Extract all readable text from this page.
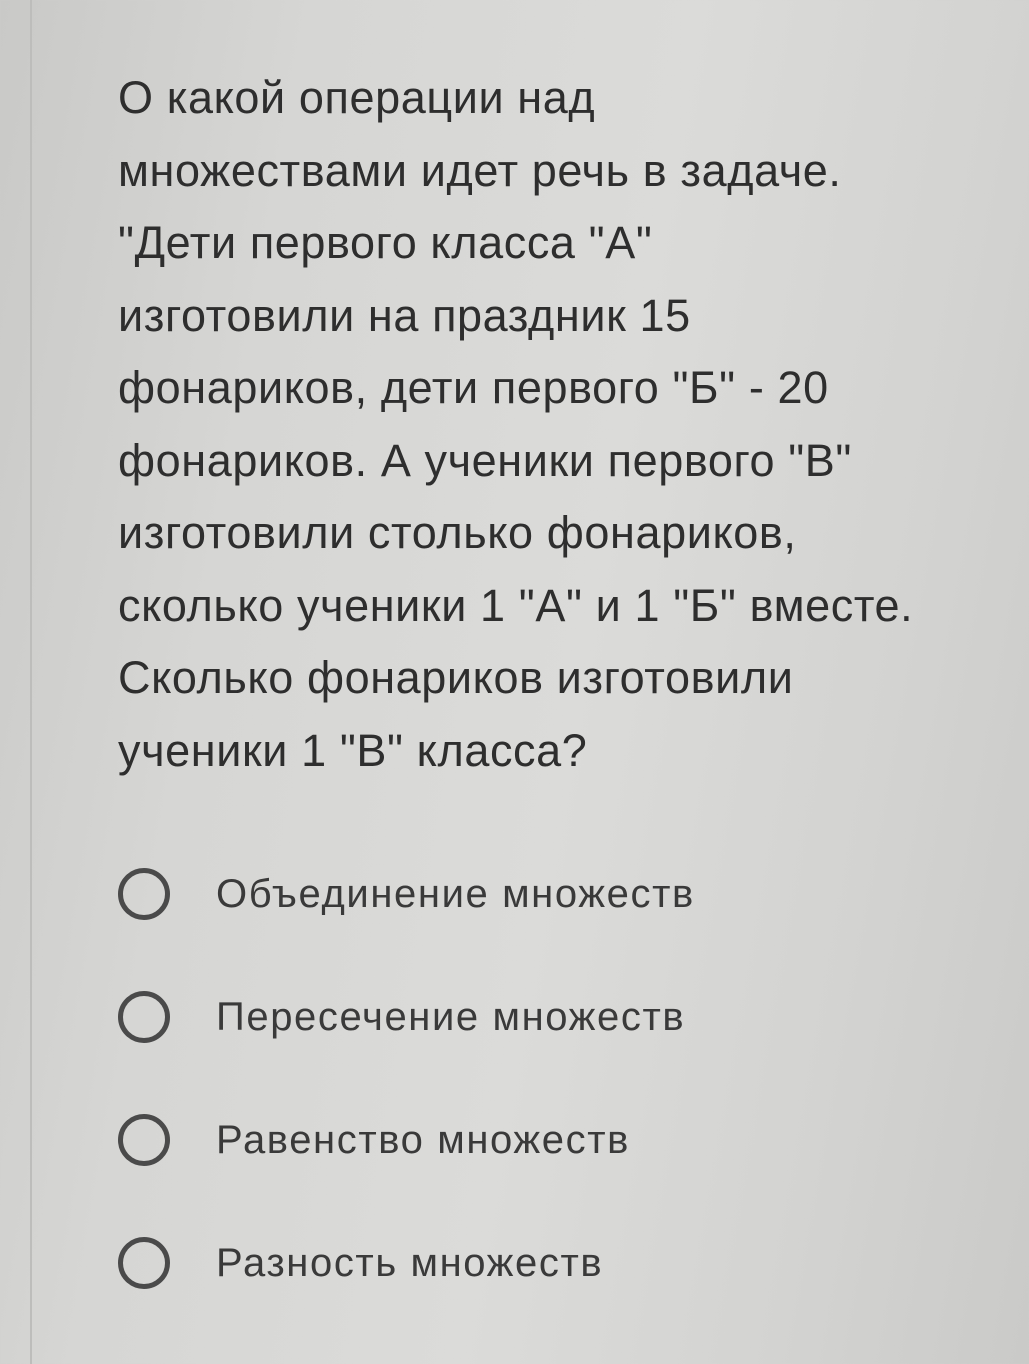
О какой операции над
множествами идет речь в задаче.
"Дети первого класса "А"
изготовили на праздник 15
фонариков, дети первого "Б" - 20
фонариков. А ученики первого "В"
изготовили столько фонариков,
сколько ученики 1 "А" и 1 "Б" вместе.
Сколько фонариков изготовили
ученики 1 "В" класса?

Объединение множеств
Пересечение множеств
Равенство множеств
Разность множеств
